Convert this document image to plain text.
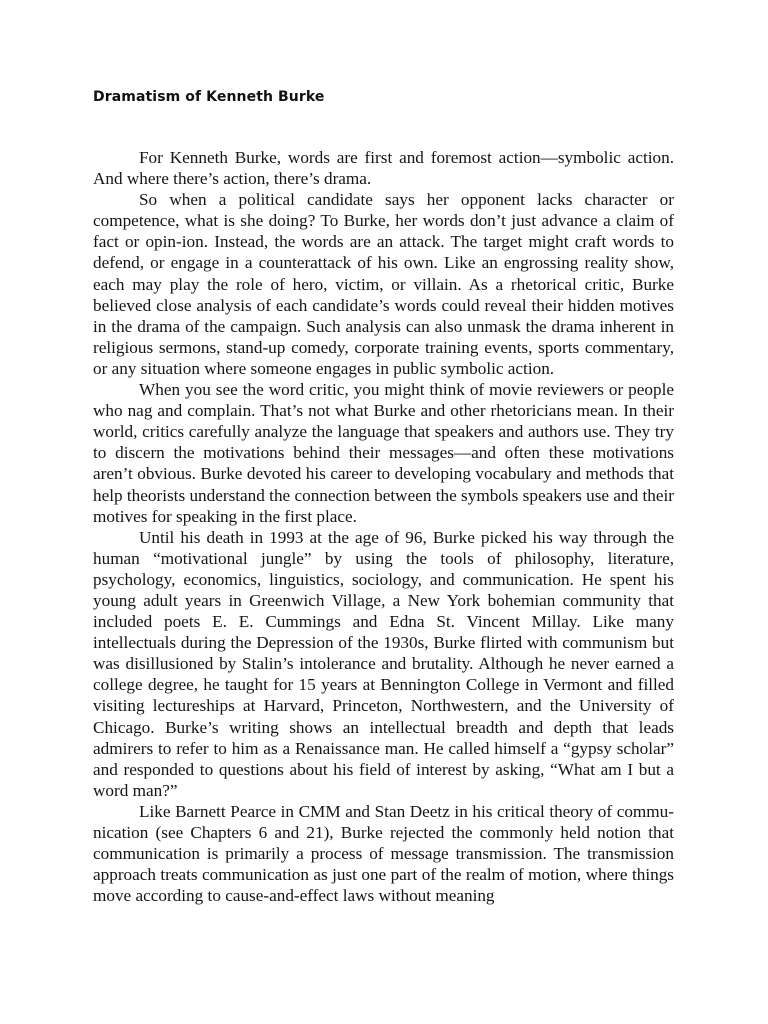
Dramatism of Kenneth Burke

For Kenneth Burke, words are first and foremost action—symbolic action. And where there’s action, there’s drama.

So when a political candidate says her opponent lacks character or competence, what is she doing? To Burke, her words don’t just advance a claim of fact or opin-ion. Instead, the words are an attack. The target might craft words to defend, or engage in a counterattack of his own. Like an engrossing reality show, each may play the role of hero, victim, or villain. As a rhetorical critic, Burke believed close analysis of each candidate’s words could reveal their hidden motives in the drama of the campaign. Such analysis can also unmask the drama inherent in religious sermons, stand-up comedy, corporate training events, sports commentary, or any situation where someone engages in public symbolic action.

When you see the word critic, you might think of movie reviewers or people who nag and complain. That’s not what Burke and other rhetoricians mean. In their world, critics carefully analyze the language that speakers and authors use. They try to discern the motivations behind their messages—and often these motivations aren’t obvious. Burke devoted his career to developing vocabulary and methods that help theorists understand the connection between the symbols speakers use and their motives for speaking in the first place.

Until his death in 1993 at the age of 96, Burke picked his way through the human “motivational jungle” by using the tools of philosophy, literature, psychology, economics, linguistics, sociology, and communication. He spent his young adult years in Greenwich Village, a New York bohemian community that included poets E. E. Cummings and Edna St. Vincent Millay. Like many intellectuals during the Depression of the 1930s, Burke flirted with communism but was disillusioned by Stalin’s intolerance and brutality. Although he never earned a college degree, he taught for 15 years at Bennington College in Vermont and filled visiting lectureships at Harvard, Princeton, Northwestern, and the University of Chicago. Burke’s writing shows an intellectual breadth and depth that leads admirers to refer to him as a Renaissance man. He called himself a “gypsy scholar” and responded to questions about his field of interest by asking, “What am I but a word man?”

Like Barnett Pearce in CMM and Stan Deetz in his critical theory of commu- nication (see Chapters 6 and 21), Burke rejected the commonly held notion that communication is primarily a process of message transmission. The transmission approach treats communication as just one part of the realm of motion, where things move according to cause-and-effect laws without meaning
